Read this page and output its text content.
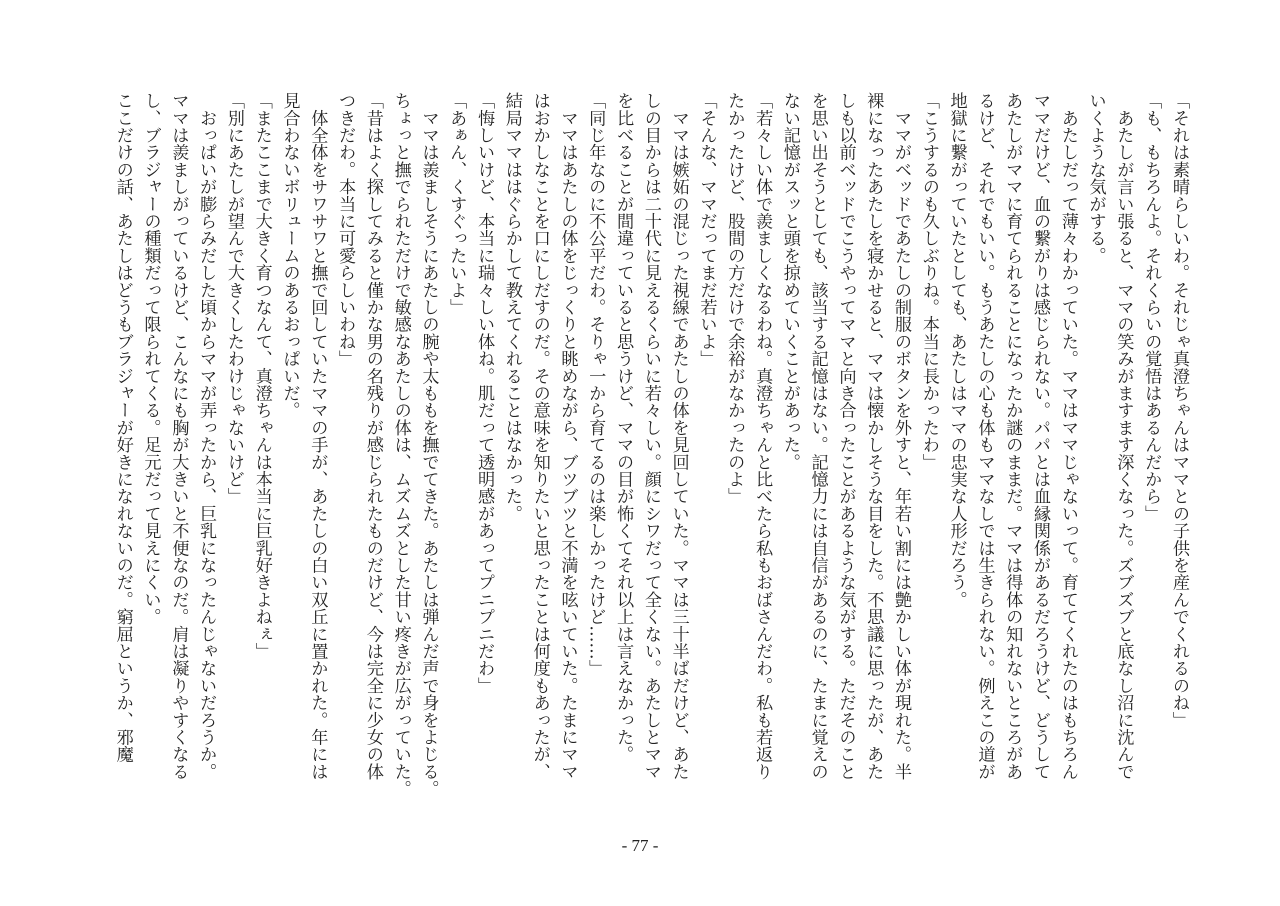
「それは素晴らしいわ。それじゃ真澄ちゃんはママとの子供を産んでくれるのね」
「も、もちろんよ。それくらいの覚悟はあるんだから」
　あたしが言い張ると、ママの笑みがますます深くなった。ズブズブと底なし沼に沈んで
いくような気がする。
　あたしだって薄々わかっていた。ママはママじゃないって。育ててくれたのはもちろん
ママだけど、血の繋がりは感じられない。パパとは血縁関係があるだろうけど、どうして
あたしがママに育てられることになったか謎のままだ。ママは得体の知れないところがあ
るけど、それでもいい。もうあたしの心も体もママなしでは生きられない。例えこの道が
地獄に繋がっていたとしても、あたしはママの忠実な人形だろう。
「こうするのも久しぶりね。本当に長かったわ」
　ママがベッドであたしの制服のボタンを外すと、年若い割には艶かしい体が現れた。半
裸になったあたしを寝かせると、ママは懐かしそうな目をした。不思議に思ったが、あた
しも以前ベッドでこうやってママと向き合ったことがあるような気がする。ただそのこと
を思い出そうとしても、該当する記憶はない。記憶力には自信があるのに、たまに覚えの
ない記憶がスッと頭を掠めていくことがあった。
「若々しい体で羨ましくなるわね。真澄ちゃんと比べたら私もおばさんだわ。私も若返り
たかったけど、股間の方だけで余裕がなかったのよ」
「そんな、ママだってまだ若いよ」
　ママは嫉妬の混じった視線であたしの体を見回していた。ママは三十半ばだけど、あた
しの目からは二十代に見えるくらいに若々しい。顔にシワだって全くない。あたしとママ
を比べることが間違っていると思うけど、ママの目が怖くてそれ以上は言えなかった。
「同じ年なのに不公平だわ。そりゃ一から育てるのは楽しかったけど……」
　ママはあたしの体をじっくりと眺めながら、ブツブツと不満を呟いていた。たまにママ
はおかしなことを口にしだすのだ。その意味を知りたいと思ったことは何度もあったが、
結局ママははぐらかして教えてくれることはなかった。
「悔しいけど、本当に瑞々しい体ね。肌だって透明感があってプニプニだわ」
「あぁん、くすぐったいよ」
　ママは羨ましそうにあたしの腕や太ももを撫でてきた。あたしは弾んだ声で身をよじる。
ちょっと撫でられただけで敏感なあたしの体は、ムズムズとした甘い疼きが広がっていた。
「昔はよく探してみると僅かな男の名残りが感じられたものだけど、今は完全に少女の体
つきだわ。本当に可愛らしいわね」
　体全体をサワサワと撫で回していたママの手が、あたしの白い双丘に置かれた。年には
見合わないボリュームのあるおっぱいだ。
「またここまで大きく育つなんて、真澄ちゃんは本当に巨乳好きよねぇ」
「別にあたしが望んで大きくしたわけじゃないけど」
　おっぱいが膨らみだした頃からママが弄ったから、巨乳になったんじゃないだろうか。
ママは羨ましがっているけど、こんなにも胸が大きいと不便なのだ。肩は凝りやすくなる
し、ブラジャーの種類だって限られてくる。足元だって見えにくい。
ここだけの話、あたしはどうもブラジャーが好きになれないのだ。窮屈というか、邪魔
- 77 -
